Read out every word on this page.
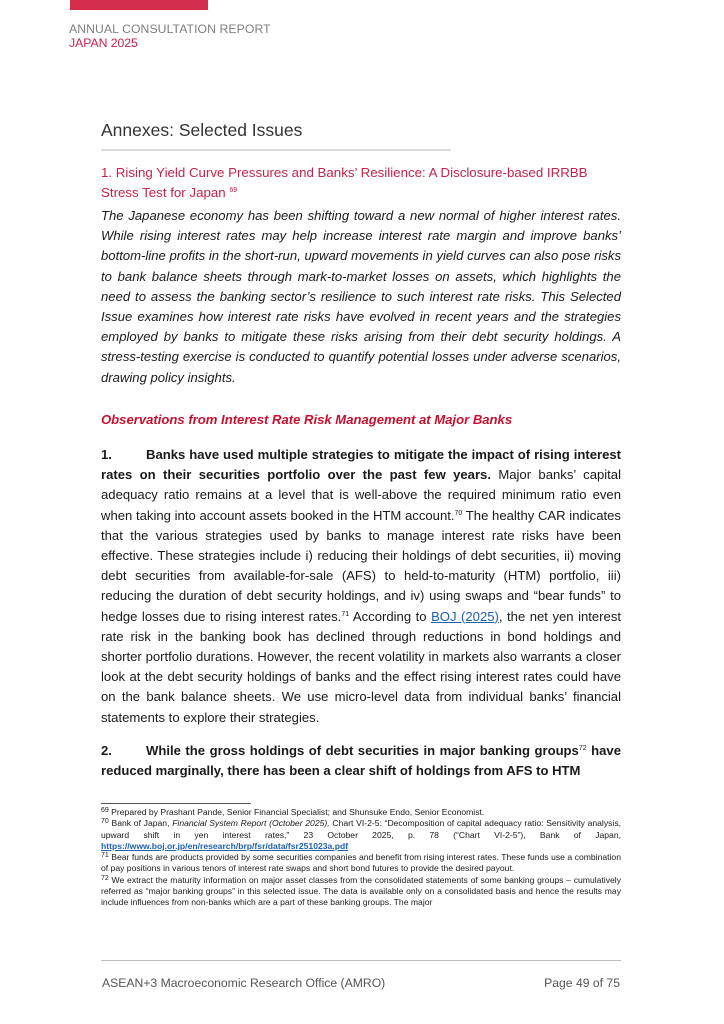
ANNUAL CONSULTATION REPORT
JAPAN 2025
Annexes: Selected Issues
1. Rising Yield Curve Pressures and Banks’ Resilience: A Disclosure-based IRRBB Stress Test for Japan $^{69}$
The Japanese economy has been shifting toward a new normal of higher interest rates. While rising interest rates may help increase interest rate margin and improve banks’ bottom-line profits in the short-run, upward movements in yield curves can also pose risks to bank balance sheets through mark-to-market losses on assets, which highlights the need to assess the banking sector’s resilience to such interest rate risks. This Selected Issue examines how interest rate risks have evolved in recent years and the strategies employed by banks to mitigate these risks arising from their debt security holdings. A stress-testing exercise is conducted to quantify potential losses under adverse scenarios, drawing policy insights.
Observations from Interest Rate Risk Management at Major Banks
1.	Banks have used multiple strategies to mitigate the impact of rising interest rates on their securities portfolio over the past few years. Major banks’ capital adequacy ratio remains at a level that is well-above the required minimum ratio even when taking into account assets booked in the HTM account.$^{70}$ The healthy CAR indicates that the various strategies used by banks to manage interest rate risks have been effective. These strategies include i) reducing their holdings of debt securities, ii) moving debt securities from available-for-sale (AFS) to held-to-maturity (HTM) portfolio, iii) reducing the duration of debt security holdings, and iv) using swaps and “bear funds” to hedge losses due to rising interest rates.$^{71}$ According to BOJ (2025), the net yen interest rate risk in the banking book has declined through reductions in bond holdings and shorter portfolio durations. However, the recent volatility in markets also warrants a closer look at the debt security holdings of banks and the effect rising interest rates could have on the bank balance sheets. We use micro-level data from individual banks’ financial statements to explore their strategies.
2.	While the gross holdings of debt securities in major banking groups$^{72}$ have reduced marginally, there has been a clear shift of holdings from AFS to HTM

$^{69}$ Prepared by Prashant Pande, Senior Financial Specialist; and Shunsuke Endo, Senior Economist.

$^{70}$ Bank of Japan, Financial System Report (October 2025), Chart VI-2-5: “Decomposition of capital adequacy ratio: Sensitivity analysis, upward shift in yen interest rates,” 23 October 2025, p. 78 (“Chart VI-2-5”), Bank of Japan, https://www.boj.or.jp/en/research/brp/fsr/data/fsr251023a.pdf

$^{71}$ Bear funds are products provided by some securities companies and benefit from rising interest rates. These funds use a combination of pay positions in various tenors of interest rate swaps and short bond futures to provide the desired payout.

$^{72}$ We extract the maturity information on major asset classes from the consolidated statements of some banking groups – cumulatively referred as “major banking groups” in this selected issue. The data is available only on a consolidated basis and hence the results may include influences from non-banks which are a part of these banking groups. The major

ASEAN+3 Macroeconomic Research Office (AMRO)	Page 49 of 75
